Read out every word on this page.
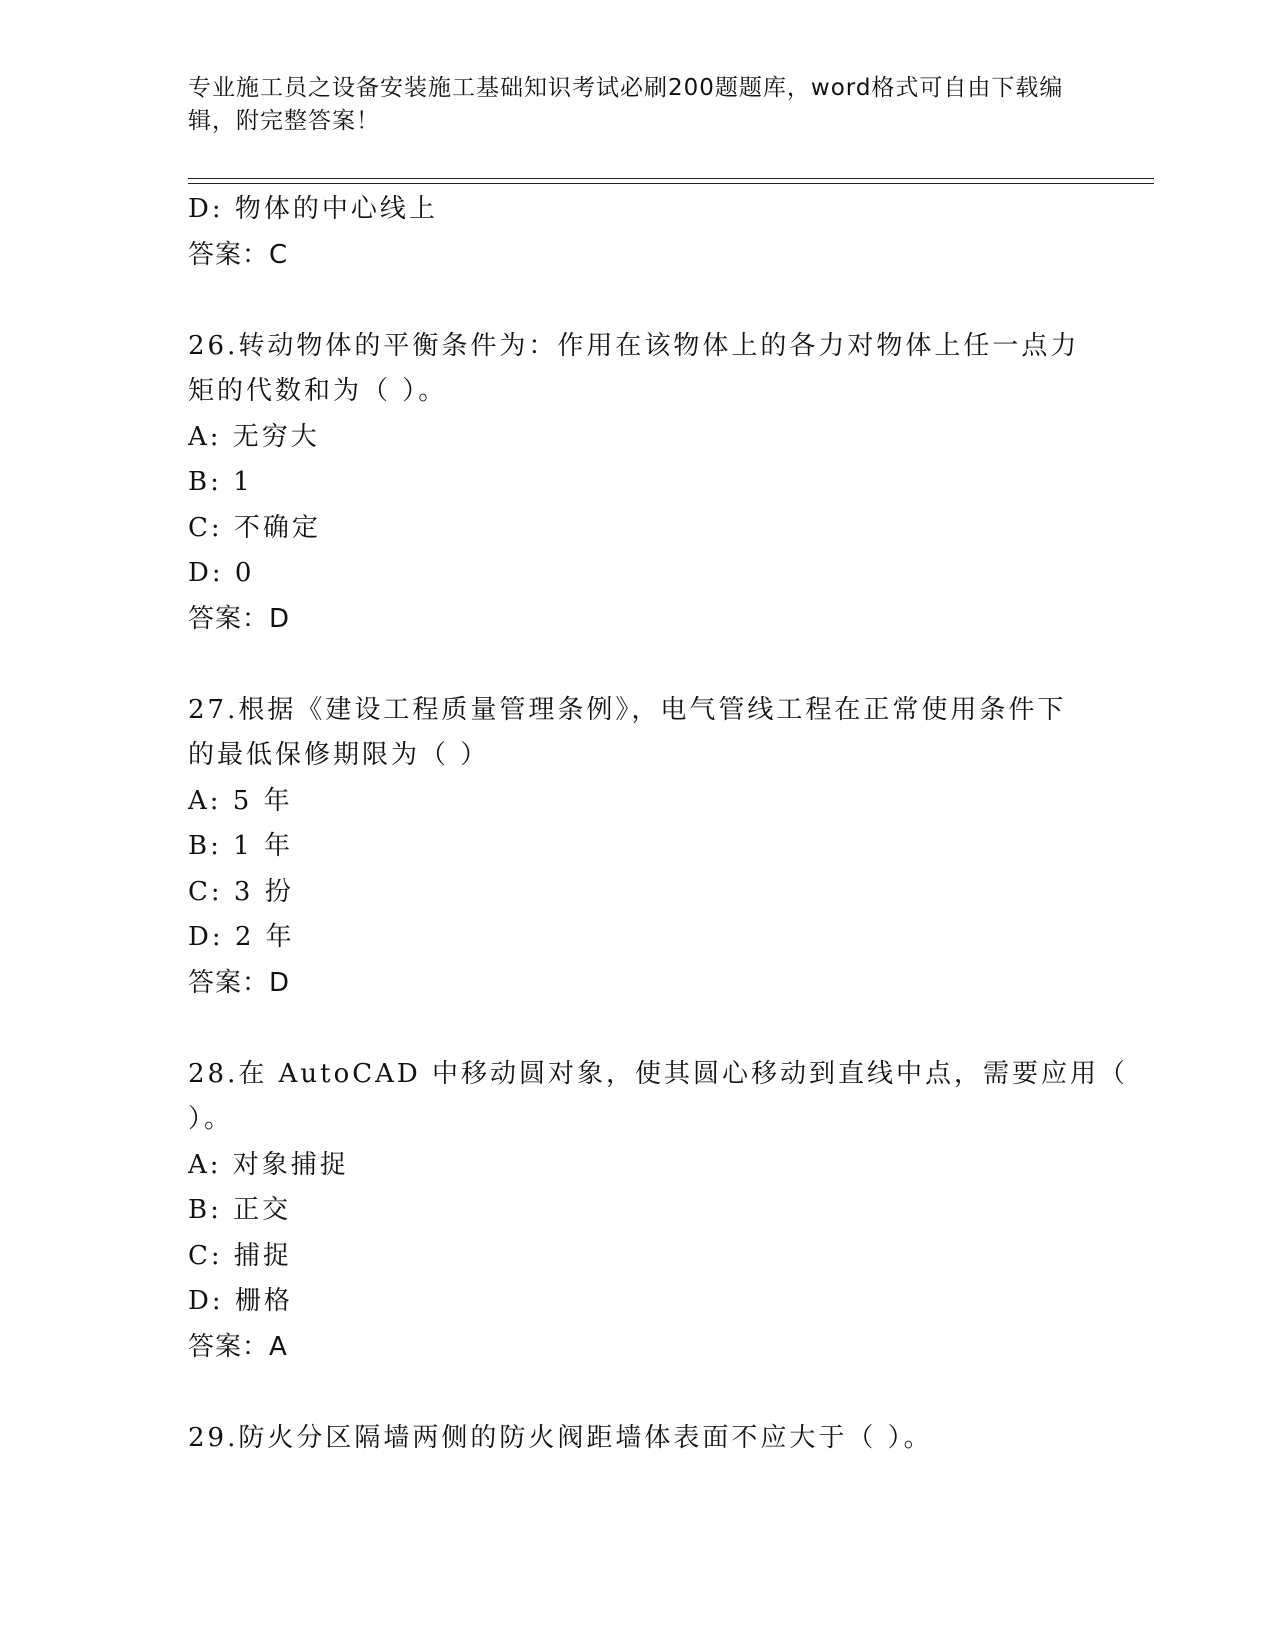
专业施工员之设备安装施工基础知识考试必刷200题题库，word格式可自由下载编辑，附完整答案！
D: 物体的中心线上
答案：C
26.转动物体的平衡条件为：作用在该物体上的各力对物体上任一点力
矩的代数和为（ ）。
A: 无穷大
B: 1
C: 不确定
D: 0
答案：D
27.根据《建设工程质量管理条例》，电气管线工程在正常使用条件下
的最低保修期限为（ ）
A: 5 年
B: 1 年
C: 3 扮
D: 2 年
答案：D
28.在 AutoCAD 中移动圆对象，使其圆心移动到直线中点，需要应用（
）。
A: 对象捕捉
B: 正交
C: 捕捉
D: 栅格
答案：A
29.防火分区隔墙两侧的防火阀距墙体表面不应大于（ ）。
